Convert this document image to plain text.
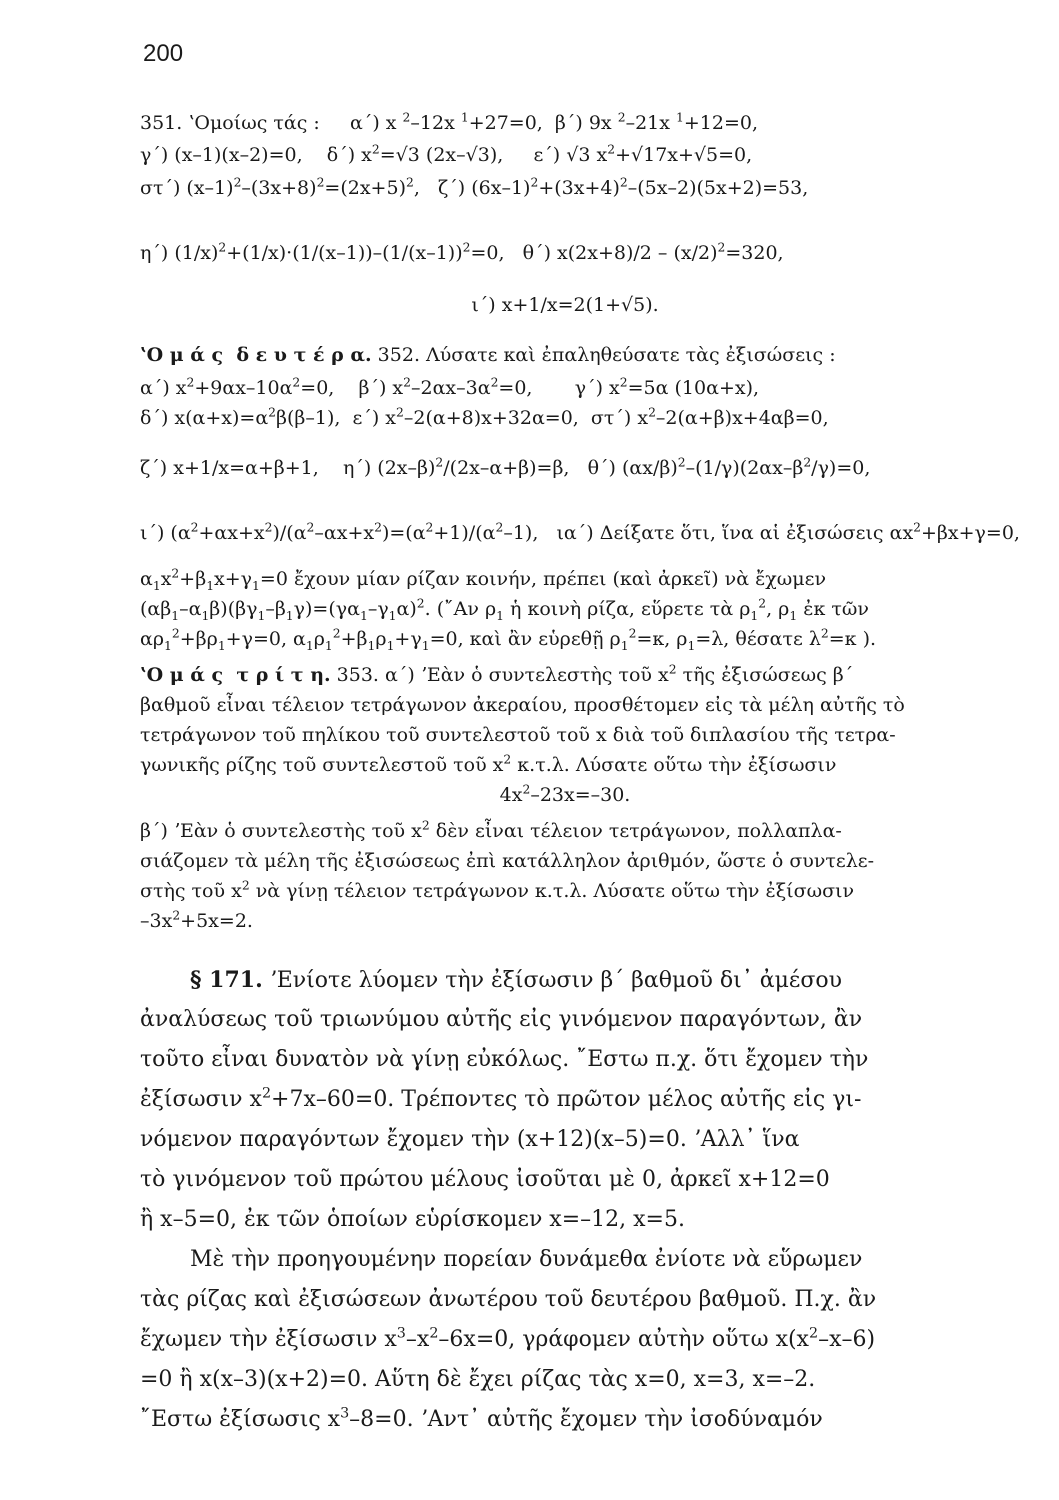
200
351. ʽΟμοίως τάς :     α΄) x $^2$–12x $^1$+27=0,  β΄) 9x $^2$–21x $^1$+12=0,
γ΄) (x–1)(x–2)=0,    δ΄) $x^2=√3$ (2x–√3),     ε΄) √3 $x^2+√17x+√5=0$,
στ΄) $(x-1)^2-(3x+8)^2=(2x+5)^2$,   ζ΄) $(6x-1)^2+(3x+4)^2-(5x-2)(5x+2)=53$,
η΄) $(1/x)^2+(1/x)\cdot(1/(x-1))-(1/(x-1))^2=0$,   θ΄) $x(2x+8)/2 - (x/2)^2=320$,
ι΄) x+1/x=2(1+√5).
ʽΟ μ ά ς  δ ε υ τ έ ρ α. 352. Λύσατε καὶ ἐπαληθεύσατε τὰς ἐξισώσεις :
α΄) $x^2+9\alpha x-10\alpha^2=0$,    β΄) $x^2-2\alpha x-3\alpha^2=0$,       γ΄) $x^2=5\alpha$ (10α+x),
δ΄) $x(\alpha+x)=\alpha^2\beta(\beta-1)$,  ε΄) $x^2-2(\alpha+8)x+32\alpha=0$,  στ΄) $x^2-2(\alpha+\beta)x+4\alpha\beta=0$,
ζ΄) x+1/x=α+β+1,    η΄) $(2x-\beta)^2/(2x-\alpha+\beta)=\beta$,   θ΄) $(\alpha x/\beta)^2-(1/\gamma)(2\alpha x-\beta^2/\gamma)=0$,
ι΄) $(\alpha^2+\alpha x+x^2)/(\alpha^2-\alpha x+x^2)=(\alpha^2+1)/(\alpha^2-1)$,   ια΄) Δείξατε ὅτι, ἵνα αἱ ἐξισώσεις $\alpha x^2+\beta x+\gamma=0$,
$\alpha_1x^2+\beta_1x+\gamma_1=0$ ἔχουν μίαν ρίζαν κοινήν, πρέπει (καὶ ἀρκεῖ) νὰ ἔχωμεν
$(\alpha\beta_1-\alpha_1\beta)(\beta\gamma_1-\beta_1\gamma)=(\gamma\alpha_1-\gamma_1\alpha)^2$. (῎Αν $\rho_1$ ἡ κοινὴ ρίζα, εὕρετε τὰ $\rho_1^2$, $\rho_1$ ἐκ τῶν
$\alpha\rho_1^2+\beta\rho_1+\gamma=0$, $\alpha_1\rho_1^2+\beta_1\rho_1+\gamma_1=0$, καὶ ἂν εὑρεθῇ $\rho_1^2=\kappa$, $\rho_1=\lambda$, θέσατε $\lambda^2=\kappa$ ).
ʽΟ μ ά ς  τ ρ ί τ η. 353. α΄) ʼΕὰν ὁ συντελεστὴς τοῦ $x^2$ τῆς ἐξισώσεως β΄
βαθμοῦ εἶναι τέλειον τετράγωνον ἀκεραίου, προσθέτομεν εἰς τὰ μέλη αὐτῆς τὸ
τετράγωνον τοῦ πηλίκου τοῦ συντελεστοῦ τοῦ x διὰ τοῦ διπλασίου τῆς τετρα-
γωνικῆς ρίζης τοῦ συντελεστοῦ τοῦ $x^2$ κ.τ.λ. Λύσατε οὕτω τὴν ἐξίσωσιν
$4x^2-23x=-30$.
β΄) ʼΕὰν ὁ συντελεστὴς τοῦ $x^2$ δὲν εἶναι τέλειον τετράγωνον, πολλαπλα-
σιάζομεν τὰ μέλη τῆς ἐξισώσεως ἐπὶ κατάλληλον ἀριθμόν, ὥστε ὁ συντελε-
στὴς τοῦ $x^2$ νὰ γίνῃ τέλειον τετράγωνον κ.τ.λ. Λύσατε οὕτω τὴν ἐξίσωσιν
$-3x^2+5x=2$.
§ 171. ʼΕνίοτε λύομεν τὴν ἐξίσωσιν β΄ βαθμοῦ δι᾽ ἀμέσου
ἀναλύσεως τοῦ τριωνύμου αὐτῆς εἰς γινόμενον παραγόντων, ἂν
τοῦτο εἶναι δυνατὸν νὰ γίνῃ εὐκόλως. ῎Εστω π.χ. ὅτι ἔχομεν τὴν
ἐξίσωσιν $x^2+7x-60=0$. Τρέποντες τὸ πρῶτον μέλος αὐτῆς εἰς γι-
νόμενον παραγόντων ἔχομεν τὴν (x+12)(x–5)=0. ʼΑλλ᾽ ἵνα
τὸ γινόμενον τοῦ πρώτου μέλους ἰσοῦται μὲ 0, ἀρκεῖ x+12=0
ἢ x–5=0, ἐκ τῶν ὁποίων εὑρίσκομεν x=–12, x=5.
Μὲ τὴν προηγουμένην πορείαν δυνάμεθα ἐνίοτε νὰ εὕρωμεν
τὰς ρίζας καὶ ἐξισώσεων ἀνωτέρου τοῦ δευτέρου βαθμοῦ. Π.χ. ἂν
ἔχωμεν τὴν ἐξίσωσιν $x^3-x^2-6x=0$, γράφομεν αὐτὴν οὕτω $x(x^2-x-6)$
=0 ἢ x(x–3)(x+2)=0. Αὕτη δὲ ἔχει ρίζας τὰς x=0, x=3, x=–2.
῎Εστω ἐξίσωσις $x^3-8=0$. ʼΑντ᾽ αὐτῆς ἔχομεν τὴν ἰσοδύναμόν
